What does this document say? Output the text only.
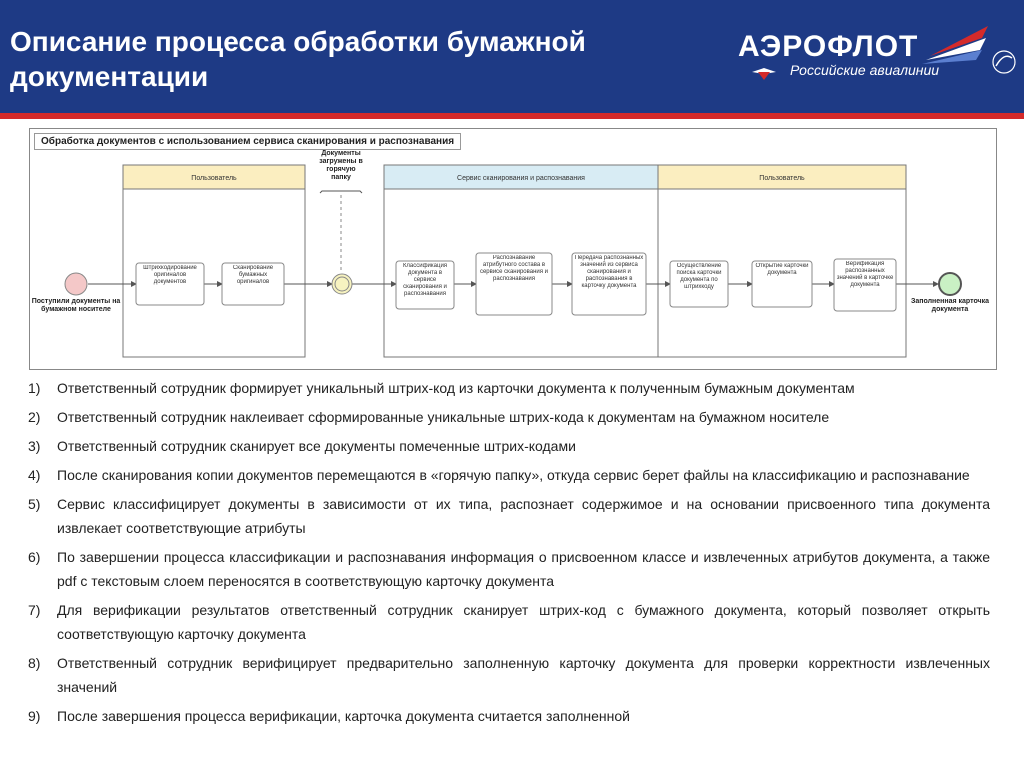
Описание процесса обработки бумажной документации
АЭРОФЛОТ
Российские авиалинии
Пользователь	Сервис сканирования и распознавания	Пользователь
Документы загружены в горячую папку
Поступили документы на бумажном носителе
Заполненная карточка документа
Штрихкодирование оригиналов документов
Сканирование бумажных оригиналов
Классификация документа в сервисе сканирования и распознавания
Распознавание атрибутного состава в сервисе сканирования и распознавания
Передача распознанных значений из сервиса сканирования и распознавания в карточку документа
Осуществление поиска карточки документа по штрихкоду
Открытие карточки документа
Верификация распознанных значений в карточке документа
Обработка документов с использованием сервиса сканирования и распознавания
1) Ответственный сотрудник формирует уникальный штрих-код из карточки документа к полученным бумажным документам
2) Ответственный сотрудник наклеивает сформированные уникальные штрих-кода к документам на бумажном носителе
3) Ответственный сотрудник сканирует все документы помеченные штрих-кодами
4) После сканирования копии документов перемещаются в «горячую папку», откуда сервис берет файлы на классификацию и распознавание
5) Сервис классифицирует документы в зависимости от их типа, распознает содержимое и на основании присвоенного типа документа извлекает соответствующие атрибуты
6) По завершении процесса классификации и распознавания информация о присвоенном классе и извлеченных атрибутов документа, а также pdf с текстовым слоем переносятся в соответствующую карточку документа
7) Для верификации результатов ответственный сотрудник сканирует штрих-код с бумажного документа, который позволяет открыть соответствующую карточку документа
8) Ответственный сотрудник верифицирует предварительно заполненную карточку документа для проверки корректности извлеченных значений
9) После завершения процесса верификации, карточка документа считается заполненной
